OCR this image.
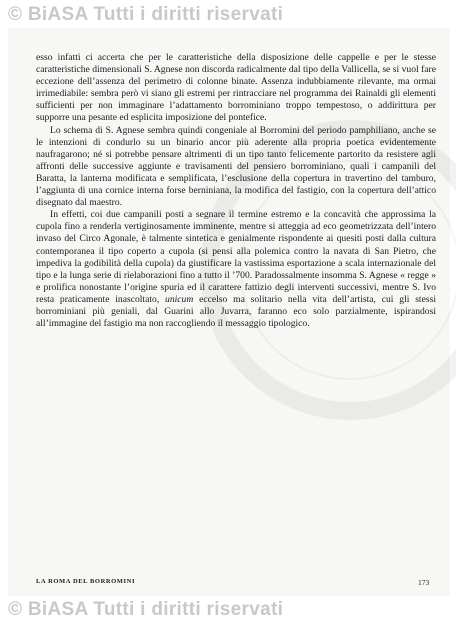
© BiASA Tutti i diritti riservati

esso infatti ci accerta che per le caratteristiche della disposizione delle cappelle e per le stesse caratteristiche dimensionali S. Agnese non discorda radicalmente dal tipo della Vallicella, se si vuol fare eccezione dell’assenza del perimetro di colonne binate. Assenza indubbiamente rilevante, ma ormai irrimediabile: sembra però vi siano gli estremi per rintracciare nel programma dei Rainaldi gli elementi sufficienti per non immaginare l’adattamento borrominiano troppo tempestoso, o addirittura per supporre una pesante ed esplicita imposizione del pontefice.

Lo schema di S. Agnese sembra quindi congeniale al Borromini del periodo pamphiliano, anche se le intenzioni di condurlo su un binario ancor più aderente alla propria poetica evidentemente naufragarono; né si potrebbe pensare altrimenti di un tipo tanto felicemente partorito da resistere agli affronti delle successive aggiunte e travisamenti del pensiero borrominiano, quali i campanili del Baratta, la lanterna modificata e semplificata, l’esclusione della copertura in travertino del tamburo, l’aggiunta di una cornice interna forse berniniana, la modifica del fastigio, con la copertura dell’attico disegnato dal maestro.

In effetti, coi due campanili posti a segnare il termine estremo e la concavità che approssima la cupola fino a renderla vertiginosamente imminente, mentre si atteggia ad eco geometrizzata dell’intero invaso del Circo Agonale, è talmente sintetica e genialmente rispondente ai quesiti posti dalla cultura contemporanea il tipo coperto a cupola (si pensi alla polemica contro la navata di San Pietro, che impediva la godibilità della cupola) da giustificare la vastissima esportazione a scala internazionale del tipo e la lunga serie di rielaborazioni fino a tutto il ’700. Paradossalmente insomma S. Agnese « regge » e prolifica nonostante l’origine spuria ed il carattere fattizio degli interventi successivi, mentre S. Ivo resta praticamente inascoltato, unicum eccelso ma solitario nella vita dell’artista, cui gli stessi borrominiani più geniali, dal Guarini allo Juvarra, faranno eco solo parzialmente, ispirandosi all’immagine del fastigio ma non raccogliendo il messaggio tipologico.

LA ROMA DEL BORROMINI	173
© BiASA Tutti i diritti riservati
